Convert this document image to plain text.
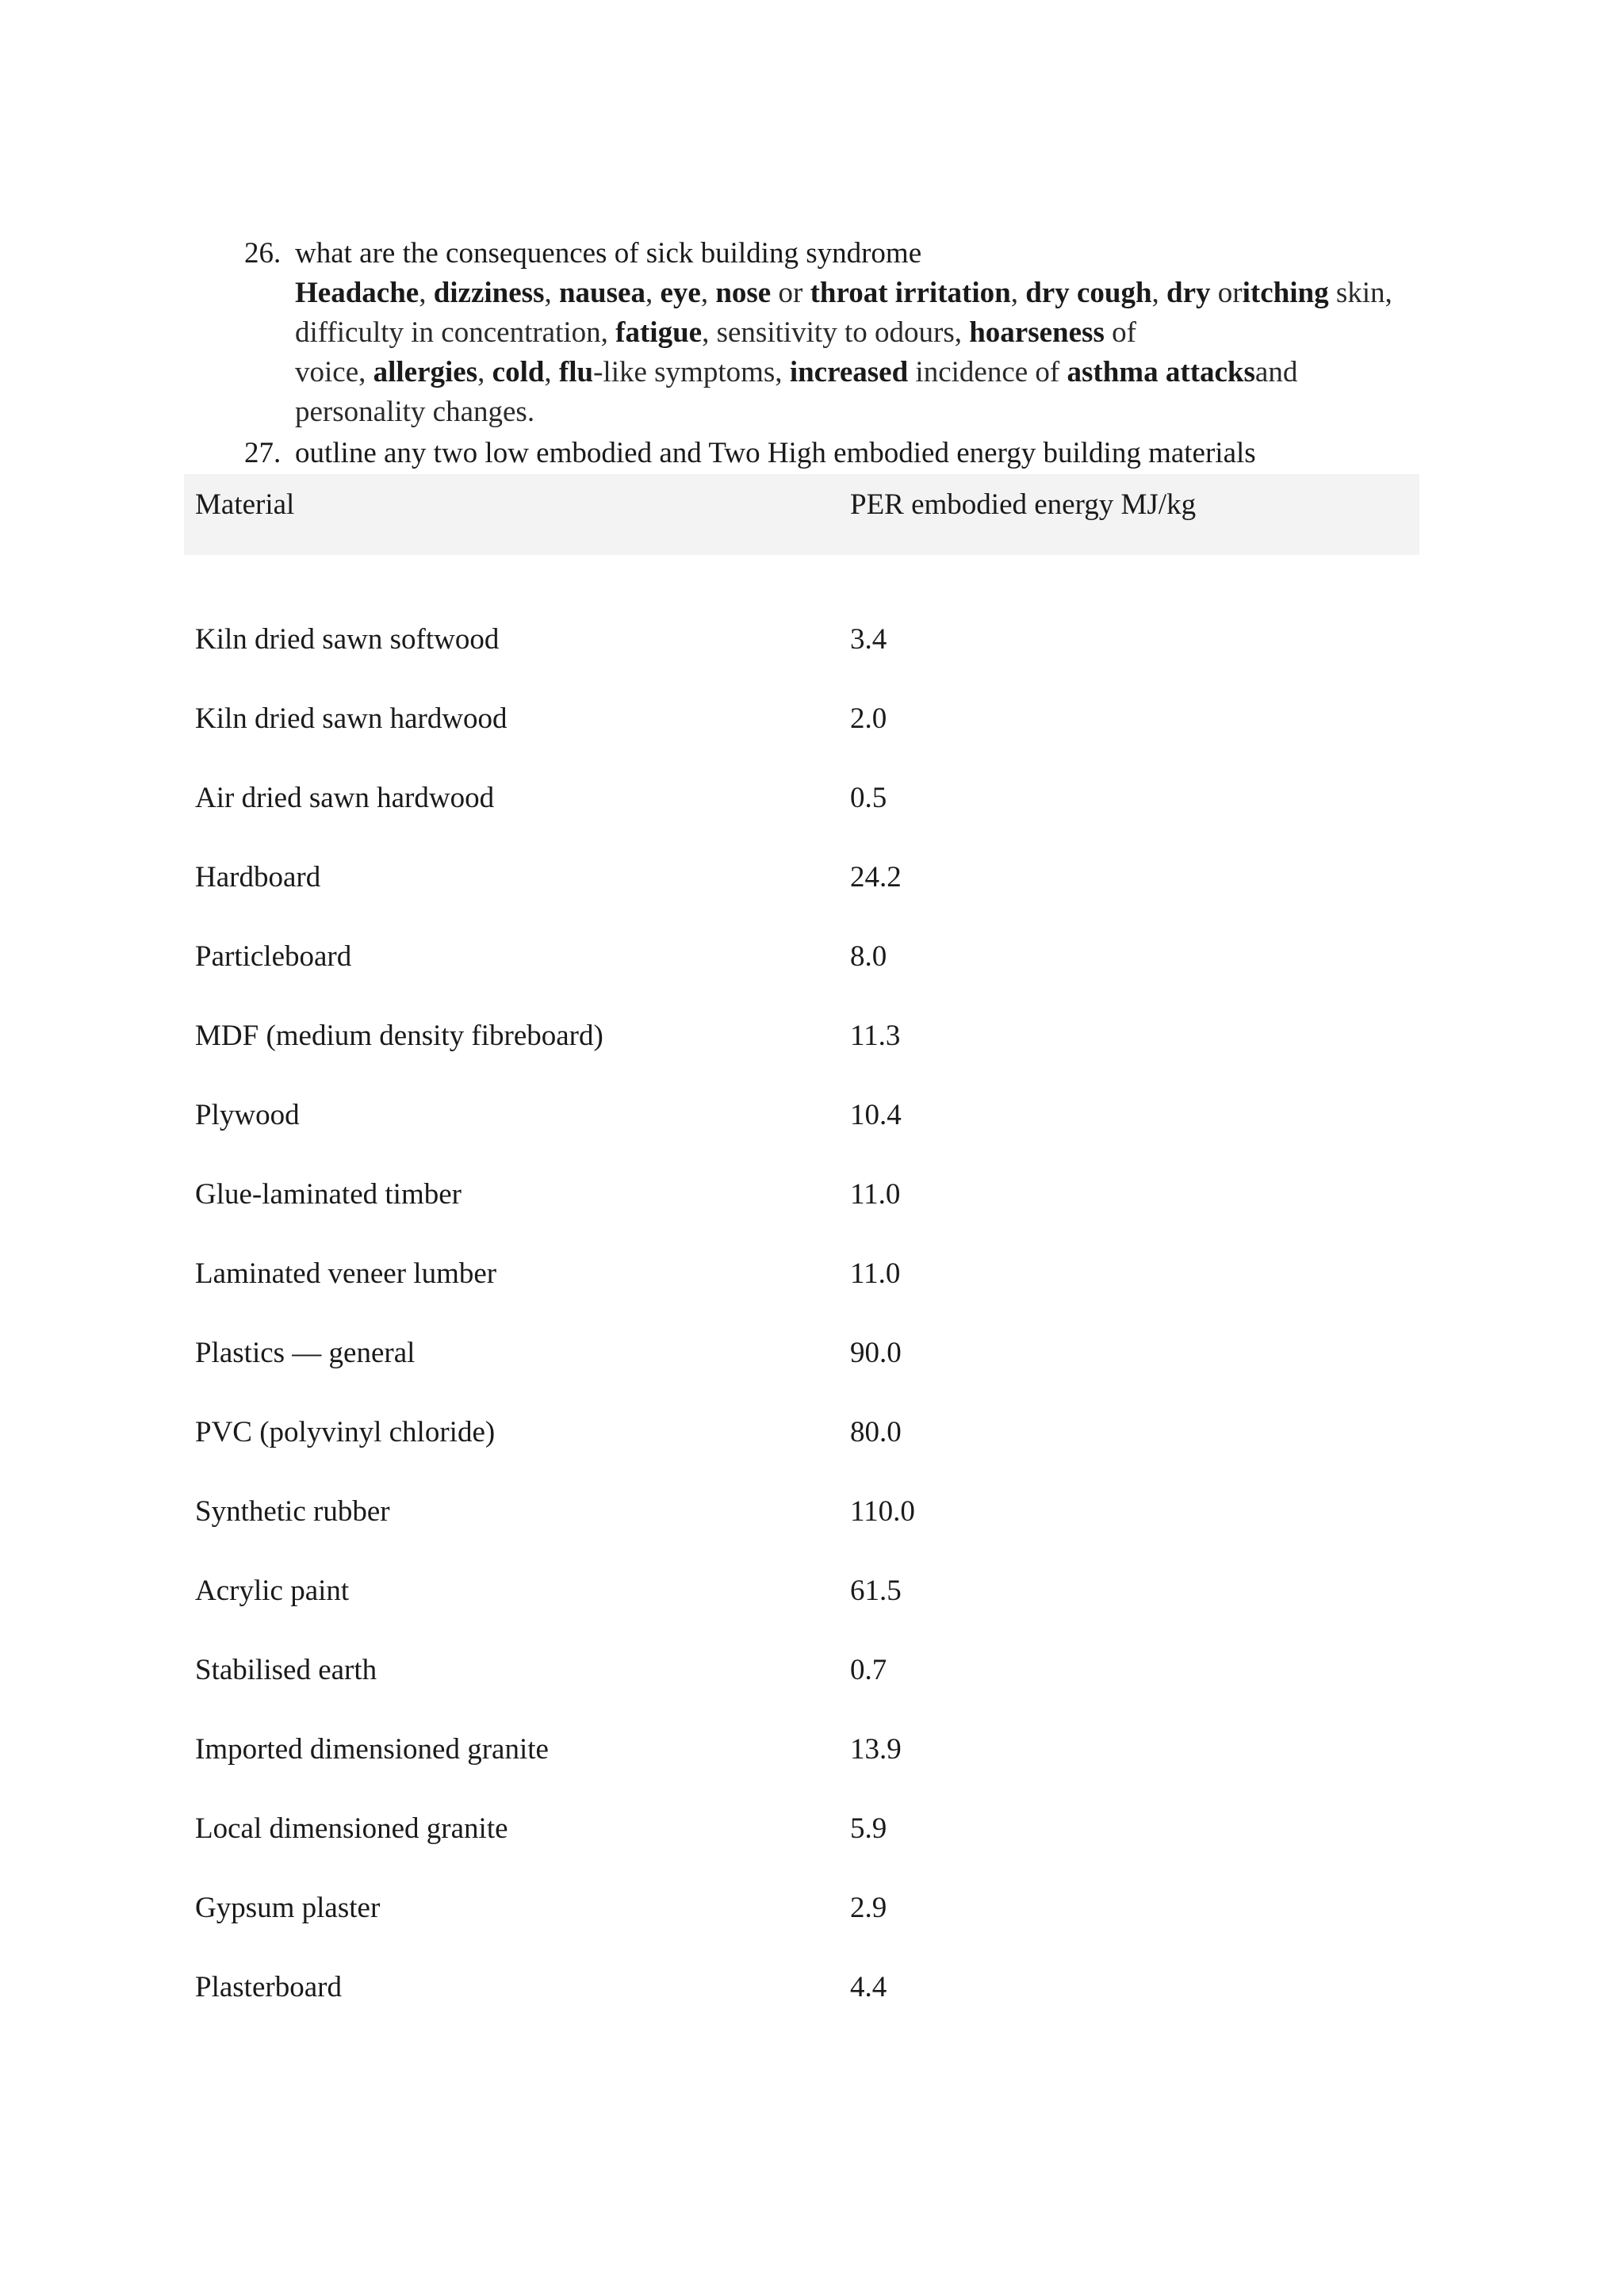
26. what are the consequences of sick building syndrome
Headache, dizziness, nausea, eye, nose or throat irritation, dry cough, dry oritching skin,
difficulty in concentration, fatigue, sensitivity to odours, hoarseness of
voice, allergies, cold, flu-like symptoms, increased incidence of asthma attacksand
personality changes.
27. outline any two low embodied and Two High embodied energy building materials
Material	PER embodied energy MJ/kg
Kiln dried sawn softwood	3.4
Kiln dried sawn hardwood	2.0
Air dried sawn hardwood	0.5
Hardboard	24.2
Particleboard	8.0
MDF (medium density fibreboard)	11.3
Plywood	10.4
Glue-laminated timber	11.0
Laminated veneer lumber	11.0
Plastics — general	90.0
PVC (polyvinyl chloride)	80.0
Synthetic rubber	110.0
Acrylic paint	61.5
Stabilised earth	0.7
Imported dimensioned granite	13.9
Local dimensioned granite	5.9
Gypsum plaster	2.9
Plasterboard	4.4
